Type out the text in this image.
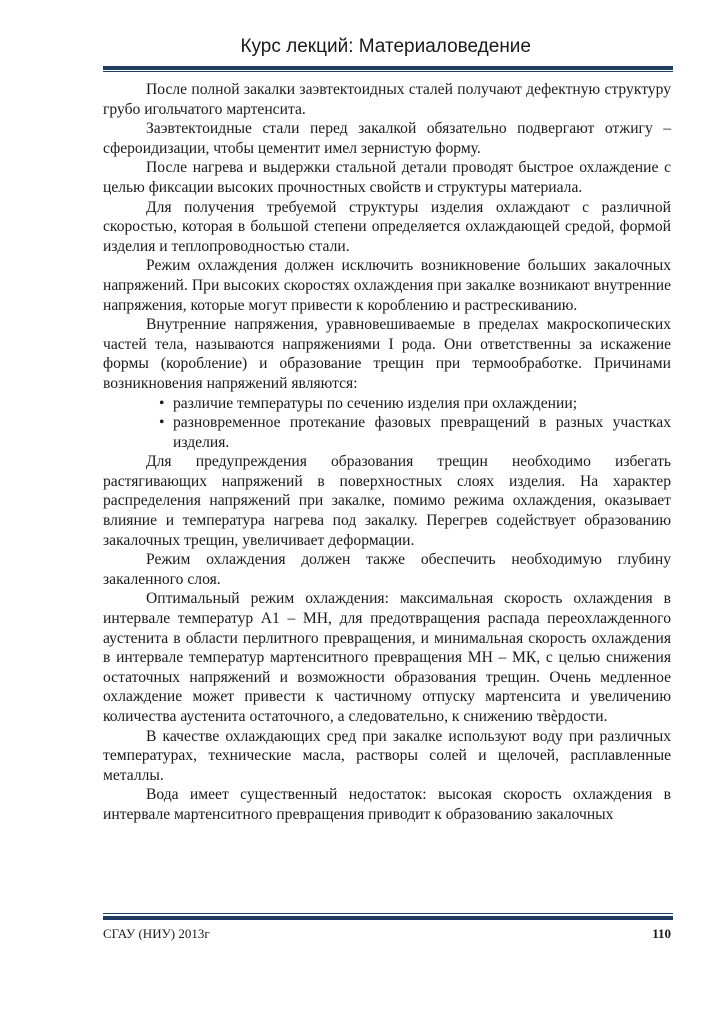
Курс лекций: Материаловедение

После полной закалки заэвтектоидных сталей получают дефектную структуру грубо игольчатого мартенсита.

Заэвтектоидные стали перед закалкой обязательно подвергают отжигу – сфероидизации, чтобы цементит имел зернистую форму.

После нагрева и выдержки стальной детали проводят быстрое охлаждение с целью фиксации высоких прочностных свойств и структуры материала.

Для получения требуемой структуры изделия охлаждают с различной скоростью, которая в большой степени определяется охлаждающей средой, формой изделия и теплопроводностью стали.

Режим охлаждения должен исключить возникновение больших закалочных напряжений. При высоких скоростях охлаждения при закалке возникают внутренние напряжения, которые могут привести к короблению и растрескиванию.

Внутренние напряжения, уравновешиваемые в пределах макроскопических частей тела, называются напряжениями I рода. Они ответственны за искажение формы (коробление) и образование трещин при термообработке. Причинами возникновения напряжений являются:

• различие температуры по сечению изделия при охлаждении;
• разновременное протекание фазовых превращений в разных участках изделия.

Для предупреждения образования трещин необходимо избегать растягивающих напряжений в поверхностных слоях изделия. На характер распределения напряжений при закалке, помимо режима охлаждения, оказывает влияние и температура нагрева под закалку. Перегрев содействует образованию закалочных трещин, увеличивает деформации.

Режим охлаждения должен также обеспечить необходимую глубину закаленного слоя.

Оптимальный режим охлаждения: максимальная скорость охлаждения в интервале температур A1 – MН, для предотвращения распада переохлажденного аустенита в области перлитного превращения, и минимальная скорость охлаждения в интервале температур мартенситного превращения MН – MК, с целью снижения остаточных напряжений и возможности образования трещин. Очень медленное охлаждение может привести к частичному отпуску мартенсита и увеличению количества аустенита остаточного, а следовательно, к снижению твѐрдости.

В качестве охлаждающих сред при закалке используют воду при различных температурах, технические масла, растворы солей и щелочей, расплавленные металлы.

Вода имеет существенный недостаток: высокая скорость охлаждения в интервале мартенситного превращения приводит к образованию закалочных

СГАУ (НИУ) 2013г	110
